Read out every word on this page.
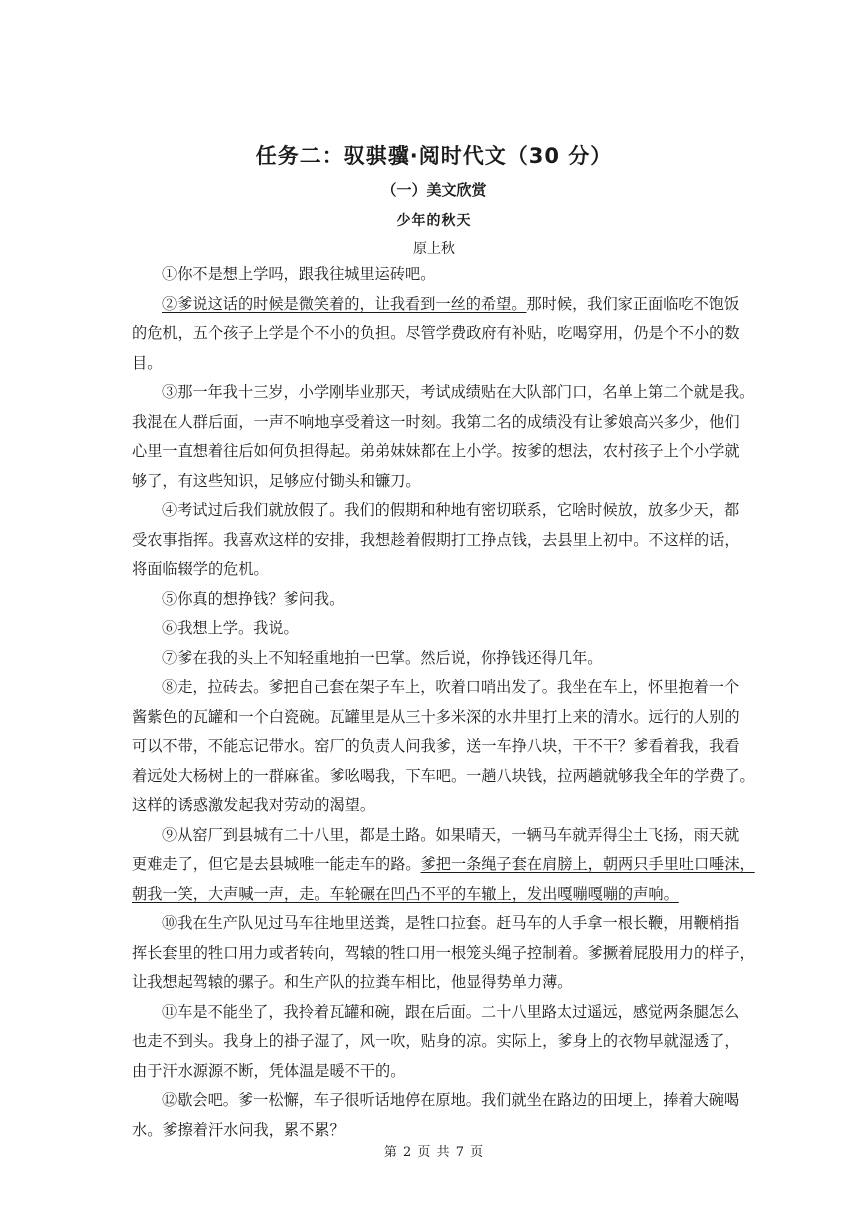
任务二：驭骐骥·阅时代文（30 分）
（一）美文欣赏
少年的秋天
原上秋

①你不是想上学吗，跟我往城里运砖吧。

②爹说这话的时候是微笑着的，让我看到一丝的希望。那时候，我们家正面临吃不饱饭
的危机，五个孩子上学是个不小的负担。尽管学费政府有补贴，吃喝穿用，仍是个不小的数
目。

③那一年我十三岁，小学刚毕业那天，考试成绩贴在大队部门口，名单上第二个就是我。
我混在人群后面，一声不响地享受着这一时刻。我第二名的成绩没有让爹娘高兴多少，他们
心里一直想着往后如何负担得起。弟弟妹妹都在上小学。按爹的想法，农村孩子上个小学就
够了，有这些知识，足够应付锄头和镰刀。

④考试过后我们就放假了。我们的假期和种地有密切联系，它啥时候放，放多少天，都
受农事指挥。我喜欢这样的安排，我想趁着假期打工挣点钱，去县里上初中。不这样的话，
将面临辍学的危机。

⑤你真的想挣钱？爹问我。

⑥我想上学。我说。

⑦爹在我的头上不知轻重地拍一巴掌。然后说，你挣钱还得几年。

⑧走，拉砖去。爹把自己套在架子车上，吹着口哨出发了。我坐在车上，怀里抱着一个
酱紫色的瓦罐和一个白瓷碗。瓦罐里是从三十多米深的水井里打上来的清水。远行的人别的
可以不带，不能忘记带水。窑厂的负责人问我爹，送一车挣八块，干不干？爹看着我，我看
着远处大杨树上的一群麻雀。爹吆喝我，下车吧。一趟八块钱，拉两趟就够我全年的学费了。
这样的诱惑激发起我对劳动的渴望。

⑨从窑厂到县城有二十八里，都是土路。如果晴天，一辆马车就弄得尘土飞扬，雨天就
更难走了，但它是去县城唯一能走车的路。爹把一条绳子套在肩膀上，朝两只手里吐口唾沫，
朝我一笑，大声喊一声，走。车轮碾在凹凸不平的车辙上，发出嘎嘣嘎嘣的声响。

⑩我在生产队见过马车往地里送粪，是牲口拉套。赶马车的人手拿一根长鞭，用鞭梢指
挥长套里的牲口用力或者转向，驾辕的牲口用一根笼头绳子控制着。爹撅着屁股用力的样子，
让我想起驾辕的骡子。和生产队的拉粪车相比，他显得势单力薄。

⑪车是不能坐了，我拎着瓦罐和碗，跟在后面。二十八里路太过遥远，感觉两条腿怎么
也走不到头。我身上的褂子湿了，风一吹，贴身的凉。实际上，爹身上的衣物早就湿透了，
由于汗水源源不断，凭体温是暖不干的。

⑫歇会吧。爹一松懈，车子很听话地停在原地。我们就坐在路边的田埂上，捧着大碗喝
水。爹擦着汗水问我，累不累？

第 2 页 共 7 页
